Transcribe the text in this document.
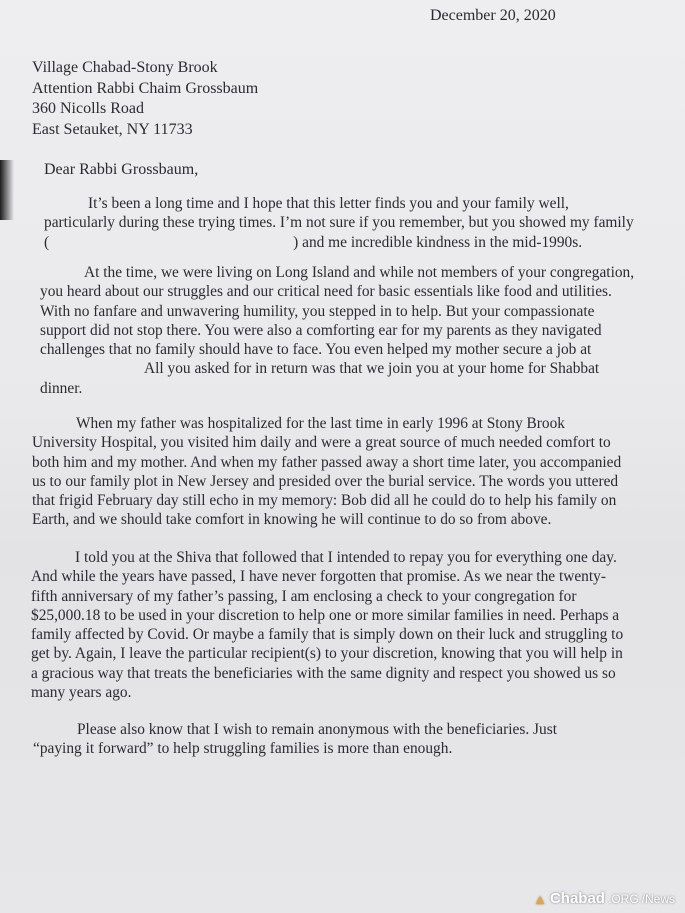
December 20, 2020
Village Chabad-Stony Brook
Attention Rabbi Chaim Grossbaum
360 Nicolls Road
East Setauket, NY 11733
Dear Rabbi Grossbaum,
It’s been a long time and I hope that this letter finds you and your family well,
particularly during these trying times. I’m not sure if you remember, but you showed my family
(	) and me incredible kindness in the mid-1990s.
At the time, we were living on Long Island and while not members of your congregation,
you heard about our struggles and our critical need for basic essentials like food and utilities.
With no fanfare and unwavering humility, you stepped in to help. But your compassionate
support did not stop there. You were also a comforting ear for my parents as they navigated
challenges that no family should have to face. You even helped my mother secure a job at
All you asked for in return was that we join you at your home for Shabbat
dinner.
When my father was hospitalized for the last time in early 1996 at Stony Brook
University Hospital, you visited him daily and were a great source of much needed comfort to
both him and my mother. And when my father passed away a short time later, you accompanied
us to our family plot in New Jersey and presided over the burial service. The words you uttered
that frigid February day still echo in my memory: Bob did all he could do to help his family on
Earth, and we should take comfort in knowing he will continue to do so from above.
I told you at the Shiva that followed that I intended to repay you for everything one day.
And while the years have passed, I have never forgotten that promise. As we near the twenty-
fifth anniversary of my father’s passing, I am enclosing a check to your congregation for
$25,000.18 to be used in your discretion to help one or more similar families in need. Perhaps a
family affected by Covid. Or maybe a family that is simply down on their luck and struggling to
get by. Again, I leave the particular recipient(s) to your discretion, knowing that you will help in
a gracious way that treats the beneficiaries with the same dignity and respect you showed us so
many years ago.
Please also know that I wish to remain anonymous with the beneficiaries. Just
“paying it forward” to help struggling families is more than enough.
▲ Chabad .ORG /News
